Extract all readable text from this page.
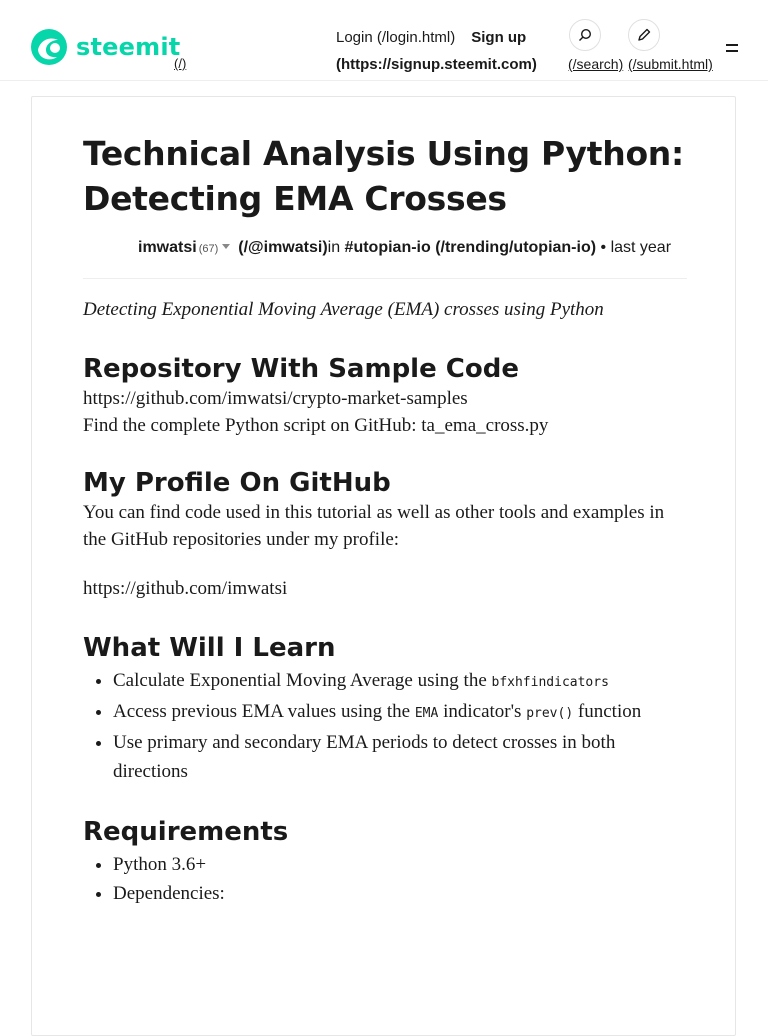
steemit
(/)
Login (/login.html) Sign up
(https://signup.steemit.com)	(/search) (/submit.html)
Technical Analysis Using Python: Detecting EMA Crosses
imwatsi (67) (/@imwatsi)in #utopian-io (/trending/utopian-io) • last year
Detecting Exponential Moving Average (EMA) crosses using Python
Repository With Sample Code
https://github.com/imwatsi/crypto-market-samples
Find the complete Python script on GitHub: ta_ema_cross.py
My Profile On GitHub
You can find code used in this tutorial as well as other tools and examples in the GitHub repositories under my profile:
https://github.com/imwatsi
What Will I Learn
• Calculate Exponential Moving Average using the bfxhfindicators
• Access previous EMA values using the EMA indicator's prev() function
• Use primary and secondary EMA periods to detect crosses in both directions
Requirements
• Python 3.6+
• Dependencies:
